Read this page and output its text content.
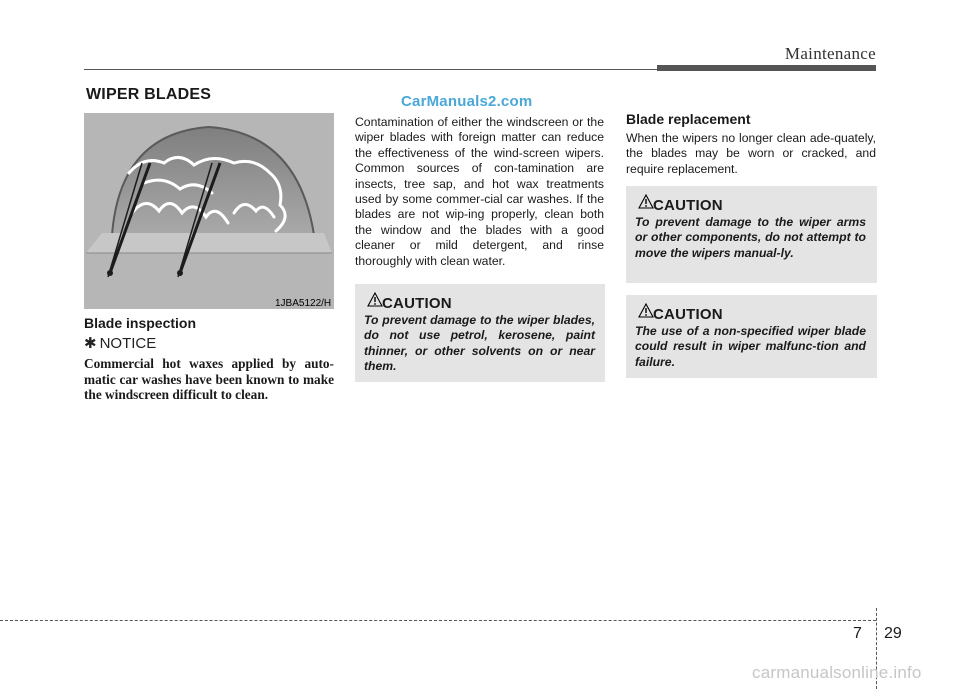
Maintenance
WIPER BLADES	CarManuals2.com
1JBA5122/H
Blade inspection
✱ NOTICE
Commercial hot waxes applied by auto-matic car washes have been known to make the windscreen difficult to clean.
Contamination of either the windscreen or the wiper blades with foreign matter can reduce the effectiveness of the wind-screen wipers. Common sources of con-tamination are insects, tree sap, and hot wax treatments used by some commer-cial car washes. If the blades are not wip-ing properly, clean both the window and the blades with a good cleaner or mild detergent, and rinse thoroughly with clean water.
CAUTION
To prevent damage to the wiper blades, do not use petrol, kerosene, paint thinner, or other solvents on or near them.
Blade replacement
When the wipers no longer clean ade-quately, the blades may be worn or cracked, and require replacement.
CAUTION
To prevent damage to the wiper arms or other components, do not attempt to move the wipers manual-ly.
CAUTION
The use of a non-specified wiper blade could result in wiper malfunc-tion and failure.
7 29
carmanualsonline.info
